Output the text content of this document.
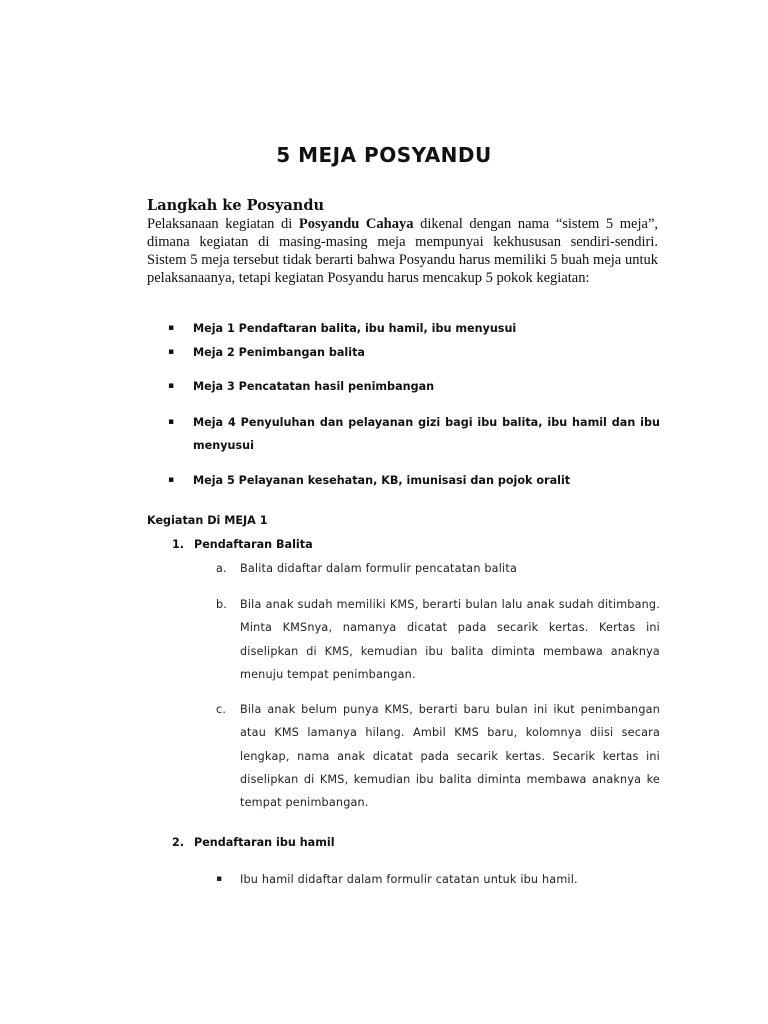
5 MEJA POSYANDU
Langkah ke Posyandu

Pelaksanaan kegiatan di Posyandu Cahaya dikenal dengan nama “sistem 5 meja”, dimana kegiatan di masing-masing meja mempunyai kekhususan sendiri-sendiri. Sistem 5 meja tersebut tidak berarti bahwa Posyandu harus memiliki 5 buah meja untuk pelaksanaanya, tetapi kegiatan Posyandu harus mencakup 5 pokok kegiatan:

▪ Meja 1 Pendaftaran balita, ibu hamil, ibu menyusui
▪ Meja 2 Penimbangan balita
▪ Meja 3 Pencatatan hasil penimbangan
▪ Meja 4 Penyuluhan dan pelayanan gizi bagi ibu balita, ibu hamil dan ibu menyusui
▪ Meja 5 Pelayanan kesehatan, KB, imunisasi dan pojok oralit
Kegiatan Di MEJA 1
1. Pendaftaran Balita
a. Balita didaftar dalam formulir pencatatan balita
b. Bila anak sudah memiliki KMS, berarti bulan lalu anak sudah ditimbang. Minta KMSnya, namanya dicatat pada secarik kertas. Kertas ini diselipkan di KMS, kemudian ibu balita diminta membawa anaknya menuju tempat penimbangan.
c. Bila anak belum punya KMS, berarti baru bulan ini ikut penimbangan atau KMS lamanya hilang. Ambil KMS baru, kolomnya diisi secara lengkap, nama anak dicatat pada secarik kertas. Secarik kertas ini diselipkan di KMS, kemudian ibu balita diminta membawa anaknya ke tempat penimbangan.
2. Pendaftaran ibu hamil
▪ Ibu hamil didaftar dalam formulir catatan untuk ibu hamil.
